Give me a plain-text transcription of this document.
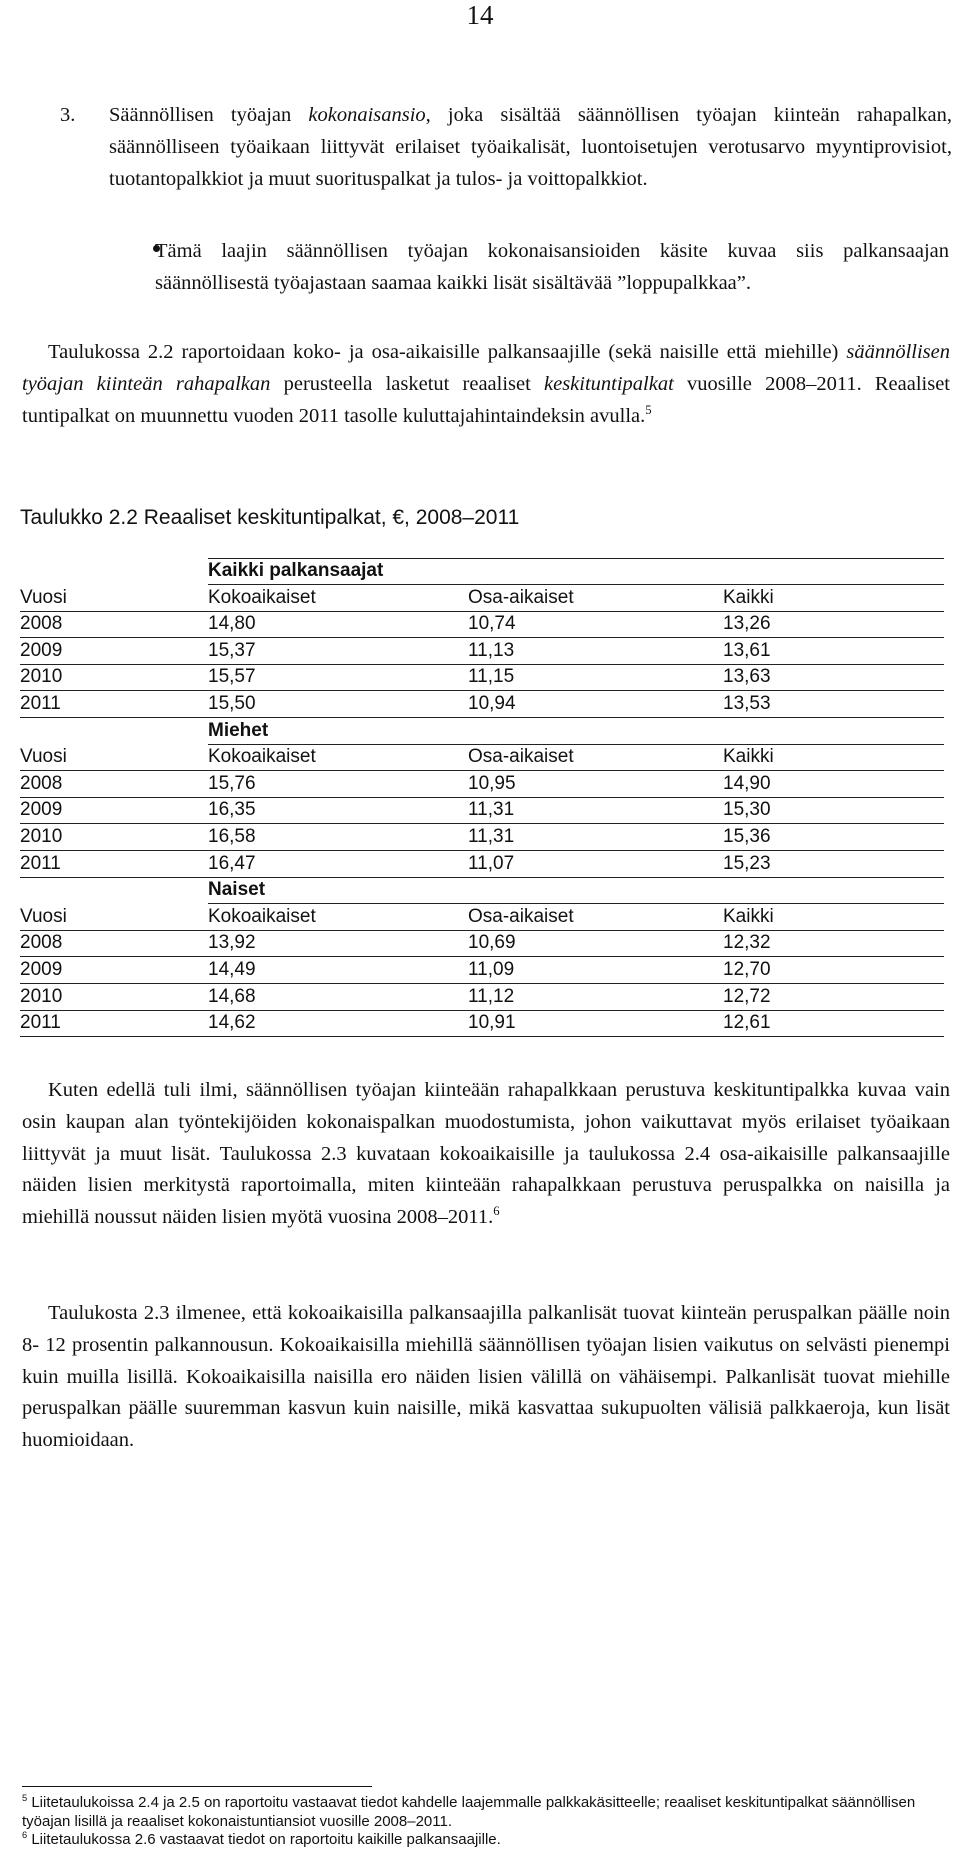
14
3. Säännöllisen työajan kokonaisansio, joka sisältää säännöllisen työajan kiinteän rahapalkan, säännölliseen työaikaan liittyvät erilaiset työaikalisät, luontoisetujen verotusarvo myyntiprovisiot, tuotantopalkkiot ja muut suorituspalkat ja tulos- ja voittopalkkiot.
Tämä laajin säännöllisen työajan kokonaisansioiden käsite kuvaa siis palkansaajan säännöllisestä työajastaan saamaa kaikki lisät sisältävää ”loppupalkkaa”.
Taulukossa 2.2 raportoidaan koko- ja osa-aikaisille palkansaajille (sekä naisille että miehille) säännöllisen työajan kiinteän rahapalkan perusteella lasketut reaaliset keskituntipalkat vuosille 2008–2011. Reaaliset tuntipalkat on muunnettu vuoden 2011 tasolle kuluttajahintaindeksin avulla.$^5$
Taulukko 2.2 Reaaliset keskituntipalkat, €, 2008–2011
Kaikki palkansaajat
Vuosi	Kokoaikaiset	Osa-aikaiset	Kaikki
2008	14,80	10,74	13,26
2009	15,37	11,13	13,61
2010	15,57	11,15	13,63
2011	15,50	10,94	13,53
Miehet
Vuosi	Kokoaikaiset	Osa-aikaiset	Kaikki
2008	15,76	10,95	14,90
2009	16,35	11,31	15,30
2010	16,58	11,31	15,36
2011	16,47	11,07	15,23
Naiset
Vuosi	Kokoaikaiset	Osa-aikaiset	Kaikki
2008	13,92	10,69	12,32
2009	14,49	11,09	12,70
2010	14,68	11,12	12,72
2011	14,62	10,91	12,61
Kuten edellä tuli ilmi, säännöllisen työajan kiinteään rahapalkkaan perustuva keskituntipalkka kuvaa vain osin kaupan alan työntekijöiden kokonaispalkan muodostumista, johon vaikuttavat myös erilaiset työaikaan liittyvät ja muut lisät. Taulukossa 2.3 kuvataan kokoaikaisille ja taulukossa 2.4 osa-aikaisille palkansaajille näiden lisien merkitystä raportoimalla, miten kiinteään rahapalkkaan perustuva peruspalkka on naisilla ja miehillä noussut näiden lisien myötä vuosina 2008–2011.$^6$
Taulukosta 2.3 ilmenee, että kokoaikaisilla palkansaajilla palkanlisät tuovat kiinteän peruspalkan päälle noin 8- 12 prosentin palkannousun. Kokoaikaisilla miehillä säännöllisen työajan lisien vaikutus on selvästi pienempi kuin muilla lisillä. Kokoaikaisilla naisilla ero näiden lisien välillä on vähäisempi. Palkanlisät tuovat miehille peruspalkan päälle suuremman kasvun kuin naisille, mikä kasvattaa sukupuolten välisiä palkkaeroja, kun lisät huomioidaan.
$^5$ Liitetaulukoissa 2.4 ja 2.5 on raportoitu vastaavat tiedot kahdelle laajemmalle palkkakäsitteelle; reaaliset keskituntipalkat säännöllisen työajan lisillä ja reaaliset kokonaistuntiansiot vuosille 2008–2011.
$^6$ Liitetaulukossa 2.6 vastaavat tiedot on raportoitu kaikille palkansaajille.
